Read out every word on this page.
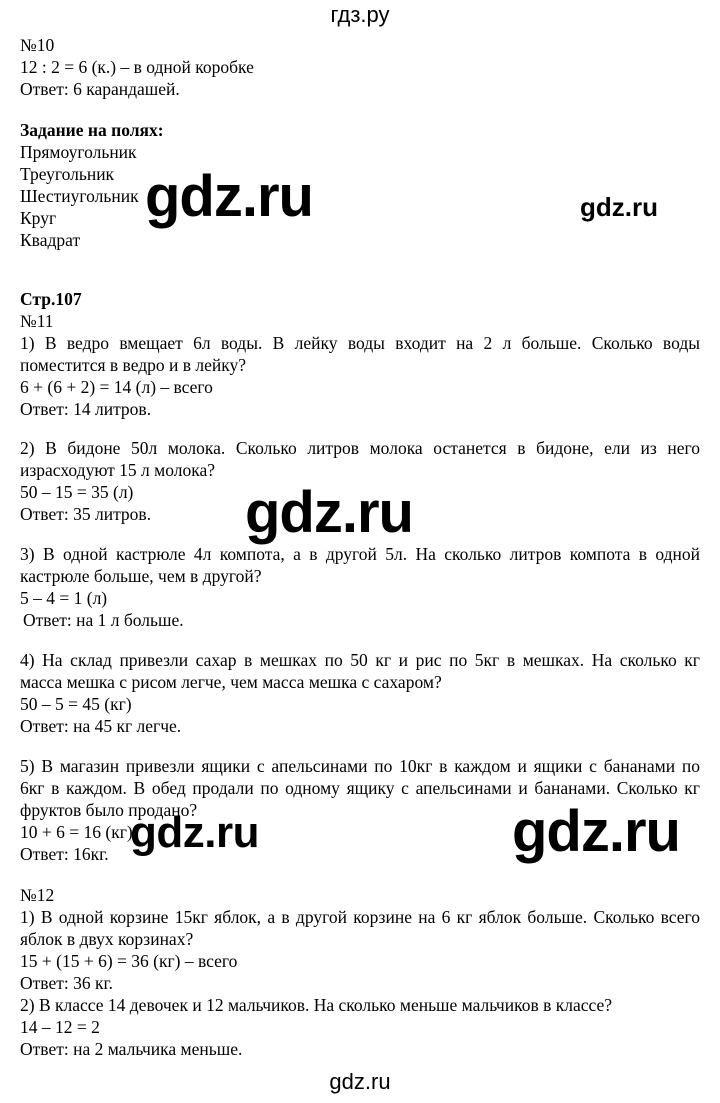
гдз.ру

№10

12 : 2 = 6 (к.) – в одной коробке

Ответ: 6 карандашей.

Задание на полях:

Прямоугольник

Треугольник

Шестиугольник

Круг

Квадрат

Стр.107

№11

1) В ведро вмещает 6л воды. В лейку воды входит на 2 л больше. Сколько воды

поместится в ведро и в лейку?

6 + (6 + 2) = 14 (л) – всего

Ответ: 14 литров.

2) В бидоне 50л молока. Сколько литров молока останется в бидоне, ели из него

израсходуют 15 л молока?

50 – 15 = 35 (л)

Ответ: 35 литров.

3) В одной кастрюле 4л компота, а в другой 5л. На сколько литров компота в одной

кастрюле больше, чем в другой?

5 – 4 = 1 (л)

Ответ: на 1 л больше.

4) На склад привезли сахар в мешках по 50 кг и рис по 5кг в мешках. На сколько кг

масса мешка с рисом легче, чем масса мешка с сахаром?

50 – 5 = 45 (кг)

Ответ: на 45 кг легче.

5) В магазин привезли ящики с апельсинами по 10кг в каждом и ящики с бананами по

6кг в каждом. В обед продали по одному ящику с апельсинами и бананами. Сколько кг

фруктов было продано?

10 + 6 = 16 (кг)

Ответ: 16кг.

№12

1) В одной корзине 15кг яблок, а в другой корзине на 6 кг яблок больше. Сколько всего

яблок в двух корзинах?

15 + (15 + 6) = 36 (кг) – всего

Ответ: 36 кг.

2) В классе 14 девочек и 12 мальчиков. На сколько меньше мальчиков в классе?

14 – 12 = 2

Ответ: на 2 мальчика меньше.

gdz.ru	gdz.ru
gdz.ru
gdz.ru	gdz.ru
gdz.ru
